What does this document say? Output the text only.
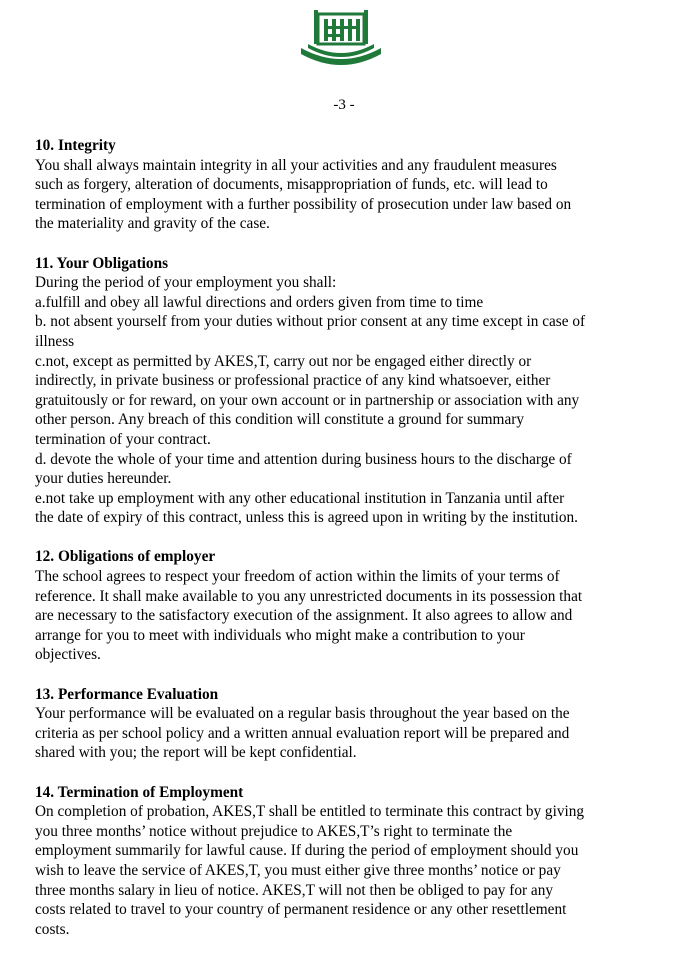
-3 -
10. Integrity
You shall always maintain integrity in all your activities and any fraudulent measures
such as forgery, alteration of documents, misappropriation of funds, etc. will lead to
termination of employment with a further possibility of prosecution under law based on
the materiality and gravity of the case.
11. Your Obligations
During the period of your employment you shall:
a.fulfill and obey all lawful directions and orders given from time to time
b. not absent yourself from your duties without prior consent at any time except in case of
illness
c.not, except as permitted by AKES,T, carry out nor be engaged either directly or
indirectly, in private business or professional practice of any kind whatsoever, either
gratuitously or for reward, on your own account or in partnership or association with any
other person. Any breach of this condition will constitute a ground for summary
termination of your contract.
d. devote the whole of your time and attention during business hours to the discharge of
your duties hereunder.
e.not take up employment with any other educational institution in Tanzania until after
the date of expiry of this contract, unless this is agreed upon in writing by the institution.
12. Obligations of employer
The school agrees to respect your freedom of action within the limits of your terms of
reference. It shall make available to you any unrestricted documents in its possession that
are necessary to the satisfactory execution of the assignment. It also agrees to allow and
arrange for you to meet with individuals who might make a contribution to your
objectives.
13. Performance Evaluation
Your performance will be evaluated on a regular basis throughout the year based on the
criteria as per school policy and a written annual evaluation report will be prepared and
shared with you; the report will be kept confidential.
14. Termination of Employment
On completion of probation, AKES,T shall be entitled to terminate this contract by giving
you three months’ notice without prejudice to AKES,T’s right to terminate the
employment summarily for lawful cause. If during the period of employment should you
wish to leave the service of AKES,T, you must either give three months’ notice or pay
three months salary in lieu of notice. AKES,T will not then be obliged to pay for any
costs related to travel to your country of permanent residence or any other resettlement
costs.
